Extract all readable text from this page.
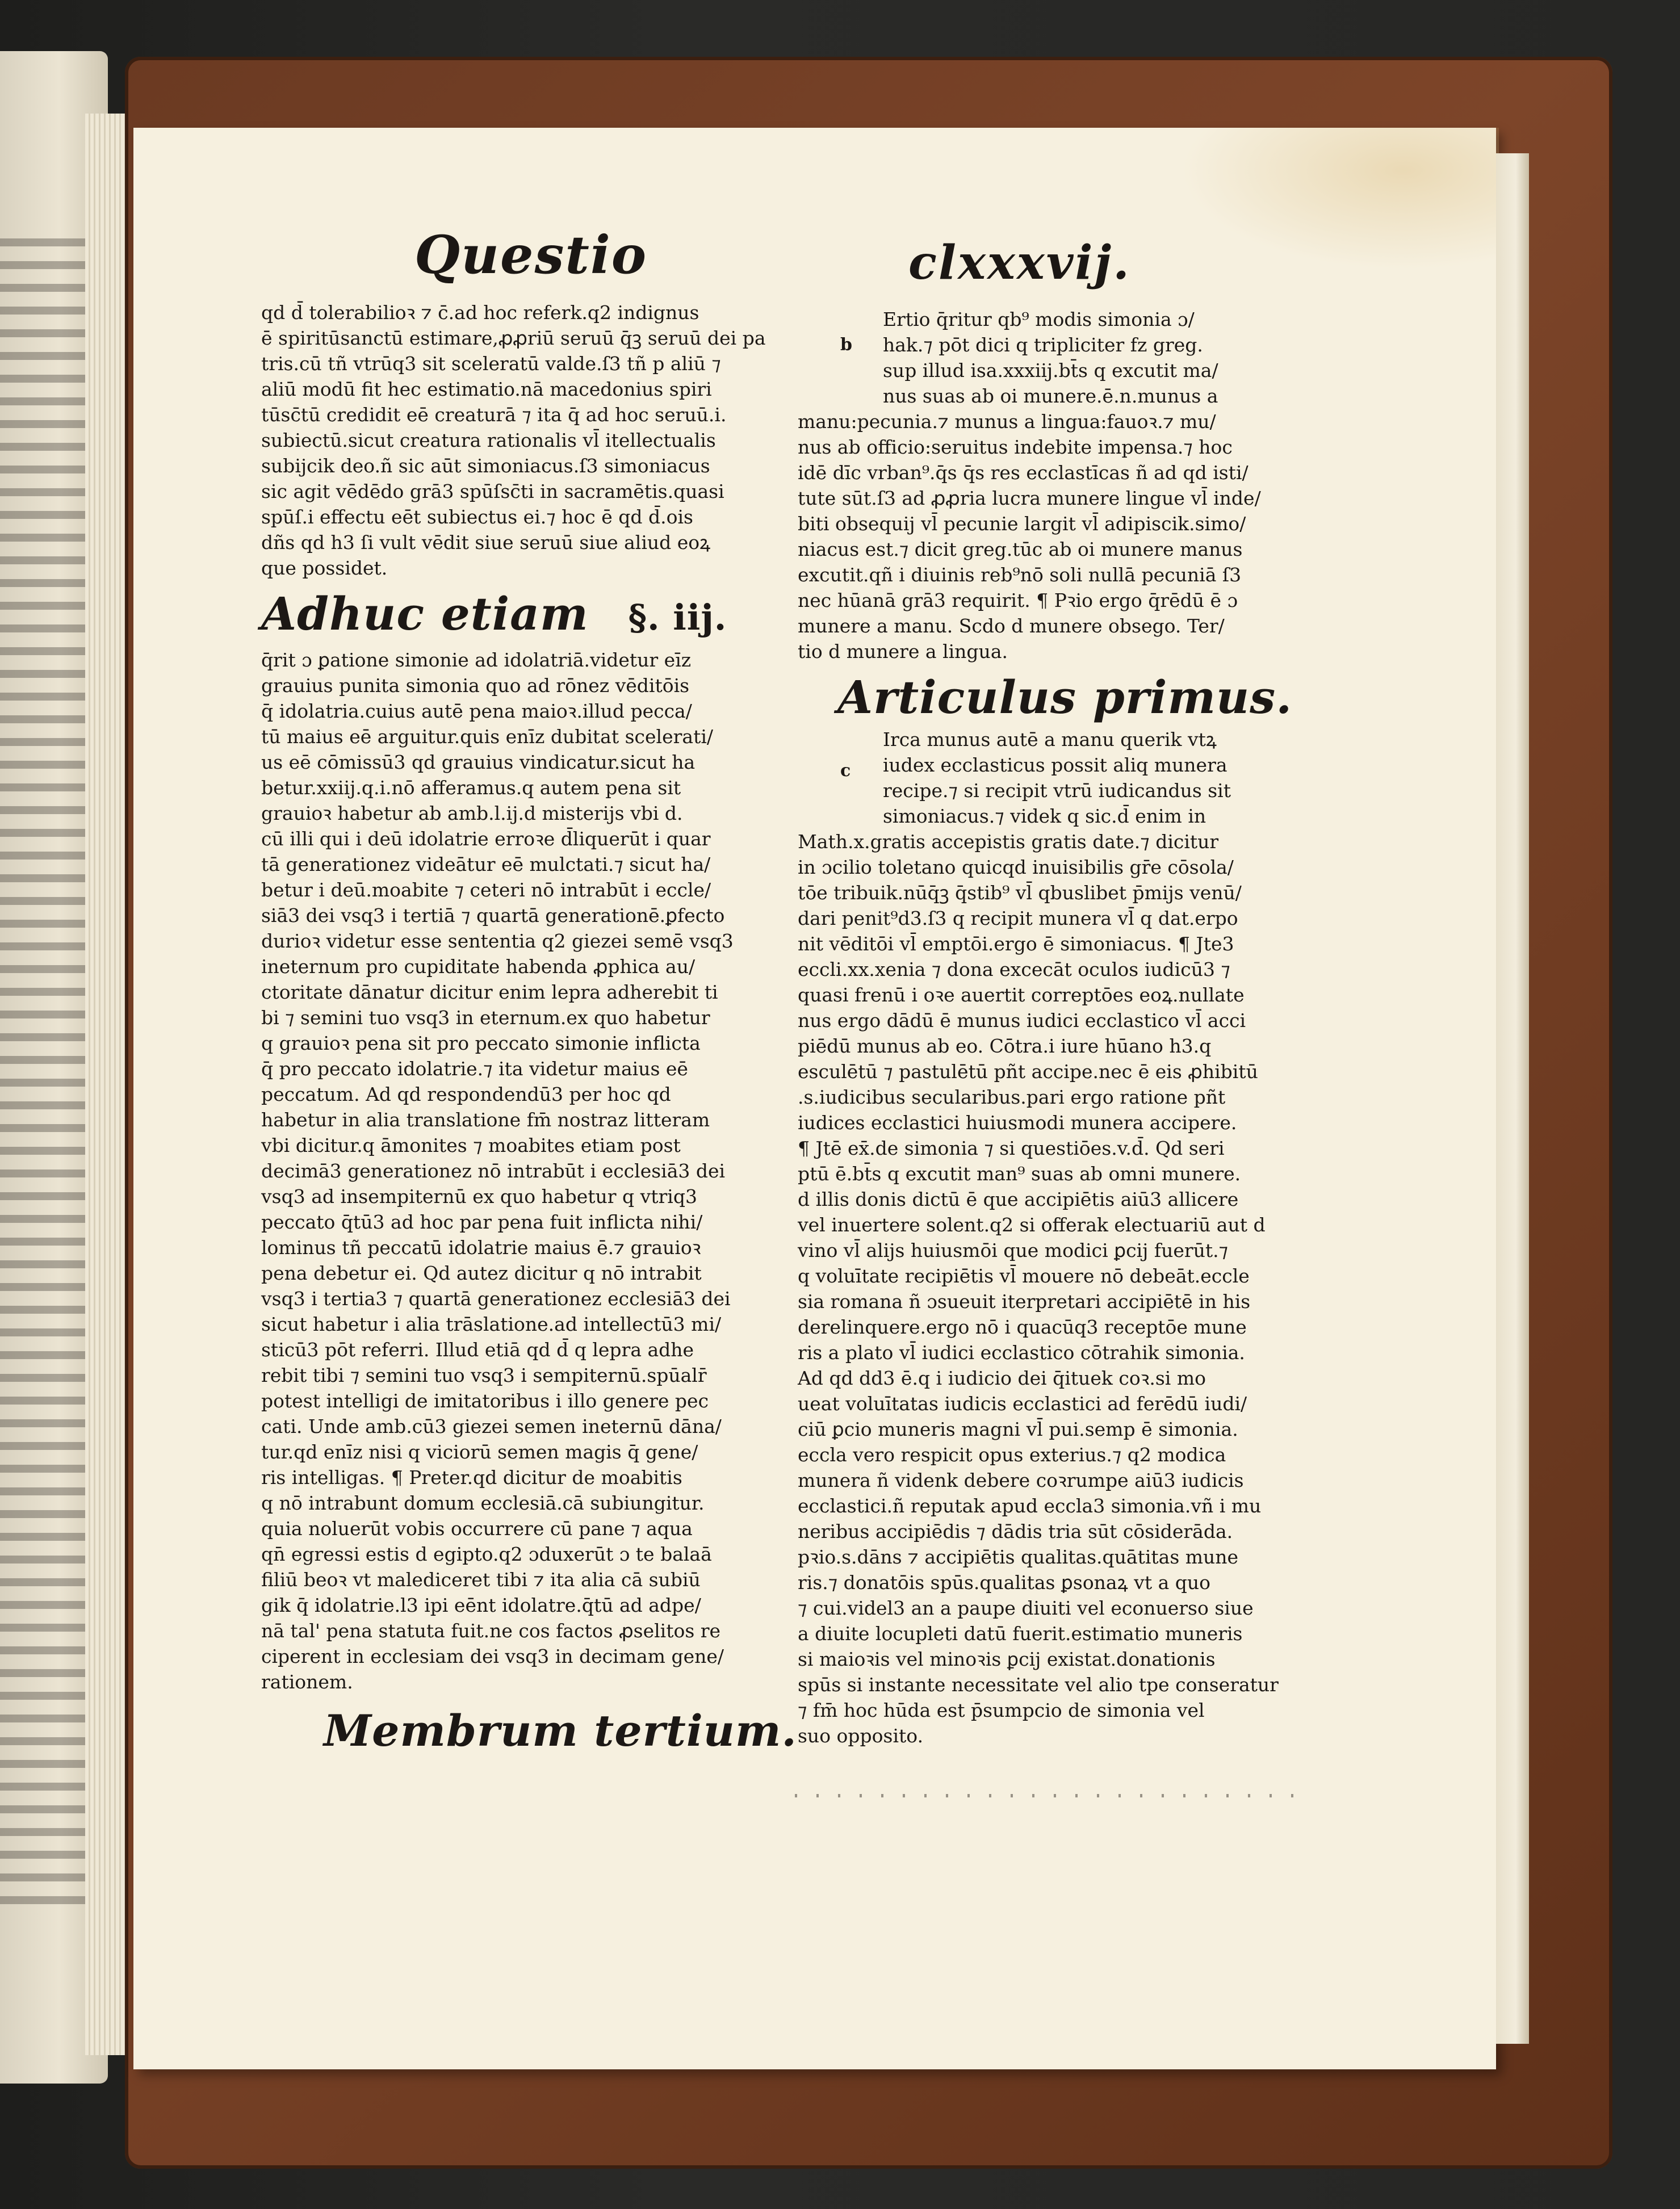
Questio	clxxxvij.
b
c
qd d̄ tolerabilioꝛ ⁊ c̄.ad hoc referk.q2 indignus
ē spiritūsanctū estimare,ꝓꝓriū seruū q̄ꝫ seruū dei pa
tris.cū tñ vtrūq3 sit sceleratū valde.ſ3 tñ p aliū ⁊
aliū modū fit hec estimatio.nā macedonius spiri
tūsc̄tū credidit eē creaturā ⁊ ita q̄ ad hoc seruū.i.
subiectū.sicut creatura rationalis vl̄ itellectualis
subijcik deo.ñ sic aūt simoniacus.ſ3 simoniacus
sic agit vēdēdo grā3 spūſsc̄ti in sacramētis.quasi
spūſ.i effectu eēt subiectus ei.⁊ hoc ē qd d̄.ois
dñs qd h3 ſi vult vēdit siue seruū siue aliud eoꝝ
que possidet.
Adhuc etiam §. iij.
q̄rit ɔ ꝑatione simonie ad idolatriā.videtur eīz
grauius punita simonia quo ad rōnez vēditōis
q̄ idolatria.cuius autē pena maioꝛ.illud pecca/
tū maius eē arguitur.quis enīz dubitat scelerati/
us eē cōmissū3 qd grauius vindicatur.sicut ha
betur.xxiij.q.i.nō afferamus.q autem pena sit
grauioꝛ habetur ab amb.l.ij.d misterijs vbi d.
cū illi qui i deū idolatrie erroꝛe d̄liquerūt i quar
tā generationez videātur eē mulctati.⁊ sicut ha/
betur i deū.moabite ⁊ ceteri nō intrabūt i eccle/
siā3 dei vsq3 i tertiā ⁊ quartā generationē.ꝑfecto
durioꝛ videtur esse sententia q2 giezei semē vsq3
ineternum pro cupiditate habenda ꝓphica au/
ctoritate dānatur dicitur enim lepra adherebit ti
bi ⁊ semini tuo vsq3 in eternum.ex quo habetur
q grauioꝛ pena sit pro peccato simonie inflicta
q̄ pro peccato idolatrie.⁊ ita videtur maius eē
peccatum. Ad qd respondendū3 per hoc qd
habetur in alia translatione fm̄ nostraz litteram
vbi dicitur.q āmonites ⁊ moabites etiam post
decimā3 generationez nō intrabūt i ecclesiā3 dei
vsq3 ad insempiternū ex quo habetur q vtriq3
peccato q̄tū3 ad hoc par pena fuit inflicta nihi/
lominus tñ peccatū idolatrie maius ē.⁊ grauioꝛ
pena debetur ei. Qd autez dicitur q nō intrabit
vsq3 i tertia3 ⁊ quartā generationez ecclesiā3 dei
sicut habetur i alia trāslatione.ad intellectū3 mi/
sticū3 pōt referri. Illud etiā qd d̄ q lepra adhe
rebit tibi ⁊ semini tuo vsq3 i sempiternū.spūalr̄
potest intelligi de imitatoribus i illo genere pec
cati. Unde amb.cū3 giezei semen ineternū dāna/
tur.qd enīz nisi q viciorū semen magis q̄ gene/
ris intelligas. ¶ Preter.qd dicitur de moabitis
q nō intrabunt domum ecclesiā.cā subiungitur.
quia noluerūt vobis occurrere cū pane ⁊ aqua
qn̄ egressi estis d egipto.q2 ɔduxerūt ɔ te balaā
filiū beoꝛ vt malediceret tibi ⁊ ita alia cā subiū
gik q̄ idolatrie.l3 ipi eēnt idolatre.q̄tū ad adpe/
nā tal' pena statuta fuit.ne cos factos ꝓselitos re
ciperent in ecclesiam dei vsq3 in decimam gene/
rationem.
Membrum tertium.
Ertio q̄ritur qb⁹ modis simonia ɔ/
hak.⁊ pōt dici q tripliciter fz greg.
sup illud isa.xxxiij.bt̄s q excutit ma/
nus suas ab oi munere.ē.n.munus a
manu:pecunia.⁊ munus a lingua:fauoꝛ.⁊ mu/
nus ab officio:seruitus indebite impensa.⁊ hoc
idē dīc vrban⁹.q̄s q̄s res ecclastīcas ñ ad qd isti/
tute sūt.ſ3 ad ꝓꝓria lucra munere lingue vl̄ inde/
biti obsequij vl̄ pecunie largit vl̄ adipiscik.simo/
niacus est.⁊ dicit greg.tūc ab oi munere manus
excutit.qñ i diuinis reb⁹nō soli nullā pecuniā ſ3
nec hūanā grā3 requirit. ¶ Pꝛio ergo q̄rēdū ē ɔ
munere a manu. Scdo d munere obsego. Ter/
tio d munere a lingua.
Articulus primus.
Irca munus autē a manu querik vtꝝ
iudex ecclasticus possit aliq munera
recipe.⁊ si recipit vtrū iudicandus sit
simoniacus.⁊ videk q sic.d̄ enim in
Math.x.gratis accepistis gratis date.⁊ dicitur
in ɔcilio toletano quicqd inuisibilis gr̄e cōsola/
tōe tribuik.nūq̄ꝫ q̄stib⁹ vl̄ qbuslibet p̄mijs venū/
dari penit⁹d3.ſ3 q recipit munera vl̄ q dat.erpo
nit vēditōi vl̄ emptōi.ergo ē simoniacus. ¶ Jte3
eccli.xx.xenia ⁊ dona excecāt oculos iudicū3 ⁊
quasi frenū i oꝛe auertit correptōes eoꝝ.nullate
nus ergo dādū ē munus iudici ecclastico vl̄ acci
piēdū munus ab eo. Cōtra.i iure hūano h3.q
esculētū ⁊ pastulētū pñt accipe.nec ē eis ꝓhibitū
.s.iudicibus secularibus.pari ergo ratione pñt
iudices ecclastici huiusmodi munera accipere.
¶ Jtē ex̄.de simonia ⁊ si questiōes.v.d̄. Qd seri
ptū ē.bt̄s q excutit man⁹ suas ab omni munere.
d illis donis dictū ē que accipiētis aiū3 allicere
vel inuertere solent.q2 si offerak electuariū aut d
vino vl̄ alijs huiusmōi que modici ꝑcij fuerūt.⁊
q voluītate recipiētis vl̄ mouere nō debeāt.eccle
sia romana ñ ɔsueuit iterpretari accipiētē in his
derelinquere.ergo nō i quacūq3 receptōe mune
ris a plato vl̄ iudici ecclastico cōtrahik simonia.
Ad qd dd3 ē.q i iudicio dei q̄ituek coꝛ.si mo
ueat voluītatas iudicis ecclastici ad ferēdū iudi/
ciū ꝑcio muneris magni vl̄ pui.semp ē simonia.
eccla vero respicit opus exterius.⁊ q2 modica
munera ñ videnk debere coꝛrumpe aiū3 iudicis
ecclastici.ñ reputak apud eccla3 simonia.vñ i mu
neribus accipiēdis ⁊ dādis tria sūt cōsiderāda.
pꝛio.s.dāns ⁊ accipiētis qualitas.quātitas mune
ris.⁊ donatōis spūs.qualitas ꝑsonaꝝ vt a quo
⁊ cui.videl3 an a paupe diuiti vel econuerso siue
a diuite locupleti datū fuerit.estimatio muneris
si maioꝛis vel minoꝛis ꝑcij existat.donationis
spūs si instante necessitate vel alio tpe conseratur
⁊ fm̄ hoc hūda est p̄sumpcio de simonia vel
suo opposito.
